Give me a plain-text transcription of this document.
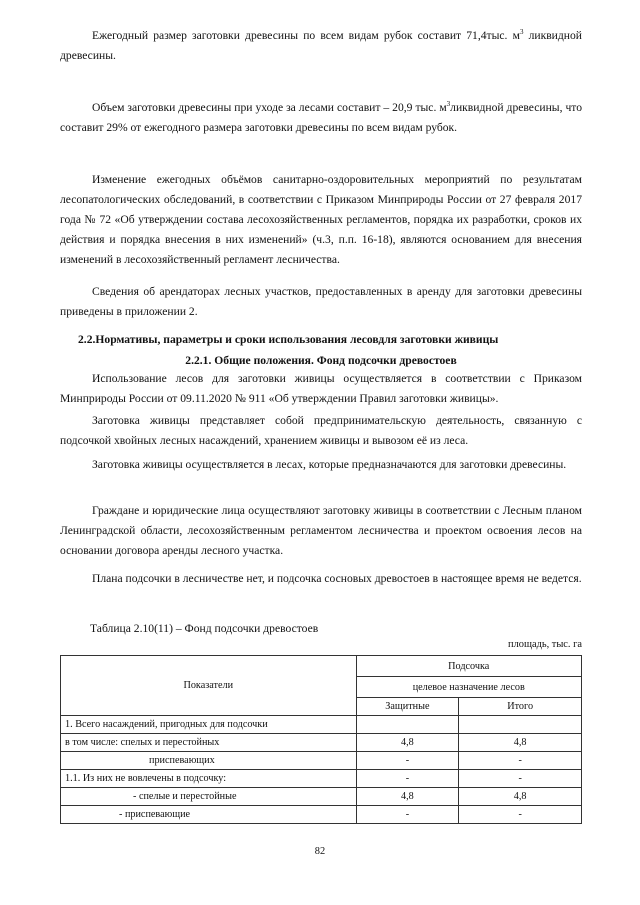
Ежегодный размер заготовки древесины по всем видам рубок составит 71,4тыс. $м^3$ ликвидной древесины.

Объем заготовки древесины при уходе за лесами составит – 20,9 тыс. $м^3ликвидной$ древесины, что составит 29% от ежегодного размера заготовки древесины по всем видам рубок.

Изменение ежегодных объёмов санитарно-оздоровительных мероприятий по результатам лесопатологических обследований, в соответствии с Приказом Минприроды России от 27 февраля 2017 года № 72 «Об утверждении состава лесохозяйственных регламентов, порядка их разработки, сроков их действия и порядка внесения в них изменений» (ч.3, п.п. 16-18), являются основанием для внесения изменений в лесохозяйственный регламент лесничества.

Сведения об арендаторах лесных участков, предоставленных в аренду для заготовки древесины приведены в приложении 2.

2.2.Нормативы, параметры и сроки использования лесовдля заготовки живицы

2.2.1. Общие положения. Фонд подсочки древостоев

Использование лесов для заготовки живицы осуществляется в соответствии с Приказом Минприроды России от 09.11.2020 № 911 «Об утверждении Правил заготовки живицы».

Заготовка живицы представляет собой предпринимательскую деятельность, связанную с подсочкой хвойных лесных насаждений, хранением живицы и вывозом её из леса.

Заготовка живицы осуществляется в лесах, которые предназначаются для заготовки древесины.

Граждане и юридические лица осуществляют заготовку живицы в соответствии с Лесным планом Ленинградской области, лесохозяйственным регламентом лесничества и проектом освоения лесов на основании договора аренды лесного участка.

Плана подсочки в лесничестве нет, и подсочка сосновых древостоев в настоящее время не ведется.

Таблица 2.10(11) – Фонд подсочки древостоев
площадь, тыс. га
Показатели	Подсочка	
	целевое назначение лесов	
	Защитные	Итого
1. Всего насаждений, пригодных для подсочки		
в том числе: спелых и перестойных	4,8	4,8
приспевающих	-	-
1.1. Из них не вовлечены в подсочку:	-	-
- спелые и перестойные	4,8	4,8
- приспевающие	-	-
82
